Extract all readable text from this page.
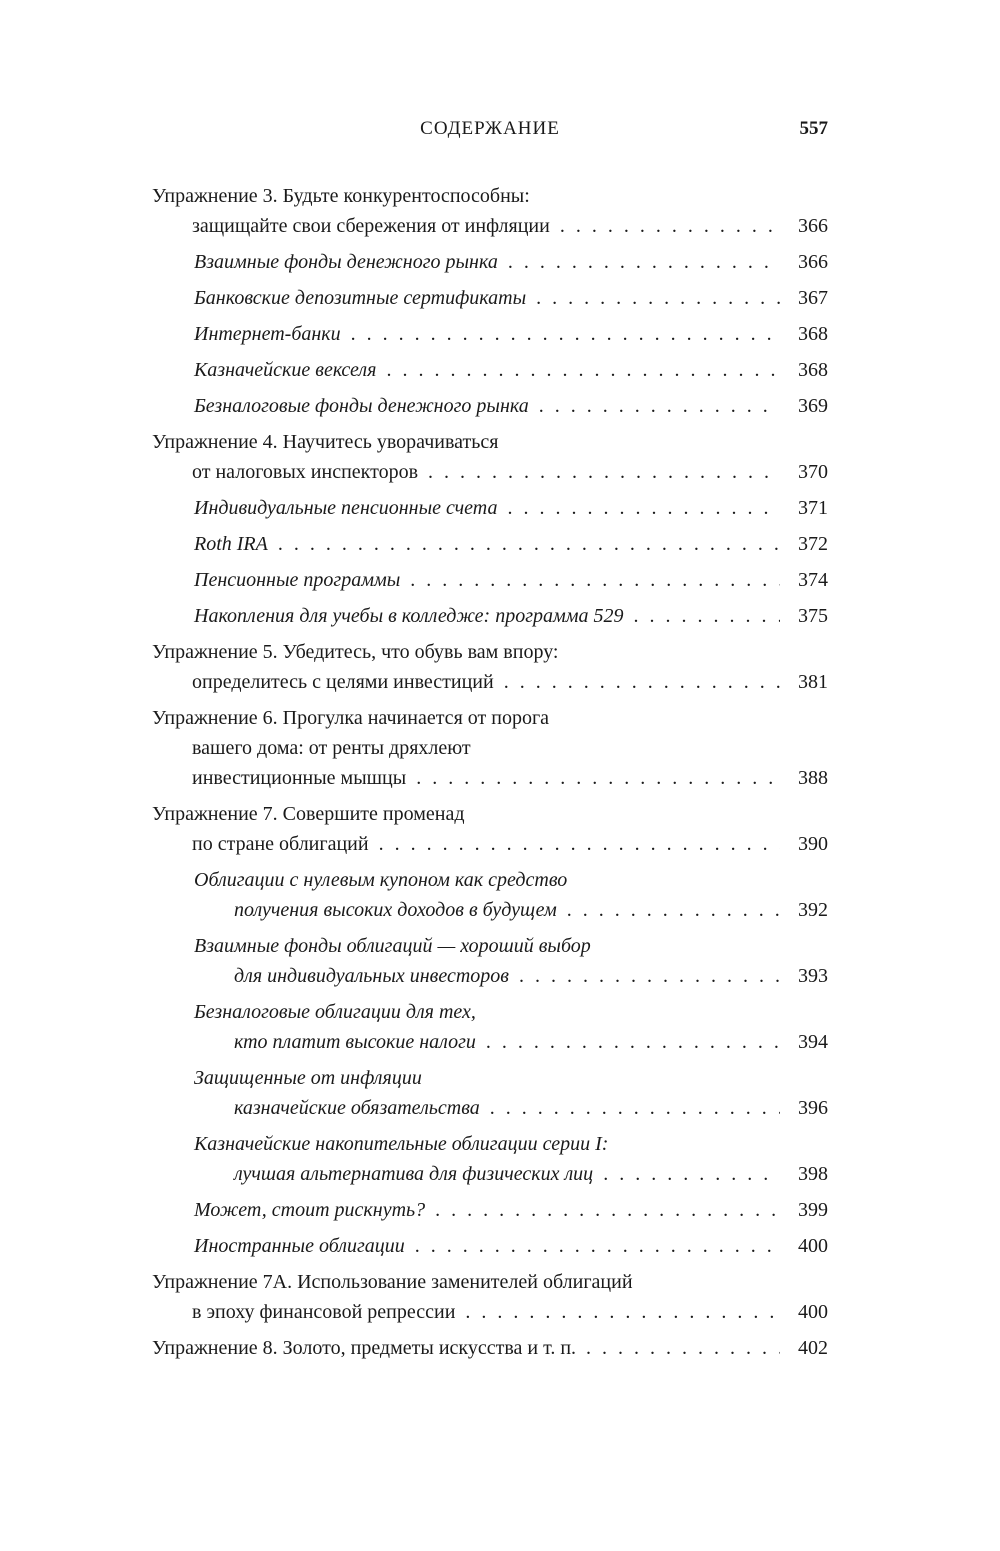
СОДЕРЖАНИЕ	557
Упражнение 3. Будьте конкурентоспособны:
защищайте свои сбережения от инфляции . . .	366
Взаимные фонды денежного рынка . . .	366
Банковские депозитные сертификаты . . .	367
Интернет-банки . . .	368
Казначейские векселя . . .	368
Безналоговые фонды денежного рынка . . .	369
Упражнение 4. Научитесь уворачиваться
от налоговых инспекторов . . .	370
Индивидуальные пенсионные счета . . .	371
Roth IRA . . .	372
Пенсионные программы . . .	374
Накопления для учебы в колледже: программа 529 . . .	375
Упражнение 5. Убедитесь, что обувь вам впору:
определитесь с целями инвестиций . . .	381
Упражнение 6. Прогулка начинается от порога
вашего дома: от ренты дряхлеют
инвестиционные мышцы . . .	388
Упражнение 7. Совершите променад
по стране облигаций . . .	390
Облигации с нулевым купоном как средство
получения высоких доходов в будущем . . .	392
Взаимные фонды облигаций — хороший выбор
для индивидуальных инвесторов . . .	393
Безналоговые облигации для тех,
кто платит высокие налоги . . .	394
Защищенные от инфляции
казначейские обязательства . . .	396
Казначейские накопительные облигации серии I:
лучшая альтернатива для физических лиц . . .	398
Может, стоит рискнуть? . . .	399
Иностранные облигации . . .	400
Упражнение 7А. Использование заменителей облигаций
в эпоху финансовой репрессии . . .	400
Упражнение 8. Золото, предметы искусства и т. п. . . .	402
